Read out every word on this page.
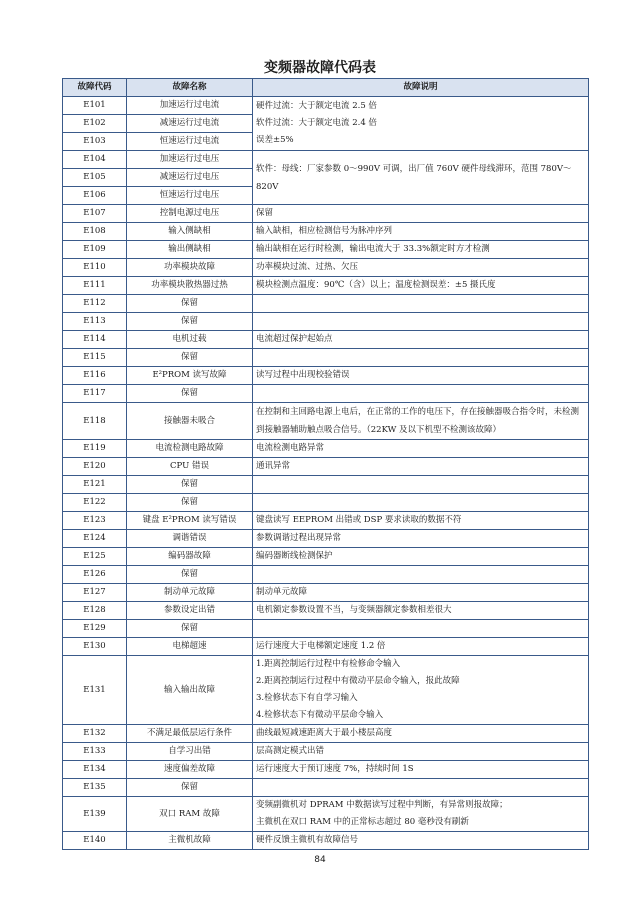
变频器故障代码表
故障代码	故障名称	故障说明
E101	加速运行过电流	硬件过流：大于额定电流 2.5 倍
软件过流：大于额定电流 2.4 倍
误差±5%

E102	减速运行过电流	
E103	恒速运行过电流	
E104	加速运行过电压	软件：母线：厂家参数 0～990V 可调，出厂值 760V 硬件母线滞环，范围 780V～820V
E105	减速运行过电压	
E106	恒速运行过电压	
E107	控制电源过电压	保留
E108	输入侧缺相	输入缺相，相应检测信号为脉冲序列
E109	输出侧缺相	输出缺相在运行时检测，输出电流大于 33.3%额定时方才检测
E110	功率模块故障	功率模块过流、过热、欠压
E111	功率模块散热器过热	模块检测点温度：90℃（含）以上；温度检测误差：±5 摄氏度
E112	保留	
E113	保留	
E114	电机过载	电流超过保护起始点
E115	保留	
E116	E²PROM 读写故障	读写过程中出现校验错误
E117	保留	
E118	接触器未吸合	在控制和主回路电源上电后，在正常的工作的电压下，存在接触器吸合指令时，未检测到接触器辅助触点吸合信号。（22KW 及以下机型不检测该故障）
E119	电流检测电路故障	电流检测电路异常
E120	CPU 错误	通讯异常
E121	保留	
E122	保留	
E123	键盘 E²PROM 读写错误	键盘读写 EEPROM 出错或 DSP 要求读取的数据不符
E124	调谐错误	参数调谐过程出现异常
E125	编码器故障	编码器断线检测保护
E126	保留	
E127	制动单元故障	制动单元故障
E128	参数设定出错	电机额定参数设置不当，与变频器额定参数相差很大
E129	保留	
E130	电梯超速	运行速度大于电梯额定速度 1.2 倍
E131	输入输出故障	1.距离控制运行过程中有检修命令输入
2.距离控制运行过程中有微动平层命令输入，报此故障
3.检修状态下有自学习输入
4.检修状态下有微动平层命令输入

E132	不满足最低层运行条件	曲线最短减速距离大于最小楼层高度
E133	自学习出错	层高测定模式出错
E134	速度偏差故障	运行速度大于预订速度 7%，持续时间 1S
E135	保留	
E139	双口 RAM 故障	变频副微机对 DPRAM 中数据读写过程中判断，有异常则报故障；
主微机在双口 RAM 中的正常标志超过 80 毫秒没有刷新

E140	主微机故障	硬件反馈主微机有故障信号
84
